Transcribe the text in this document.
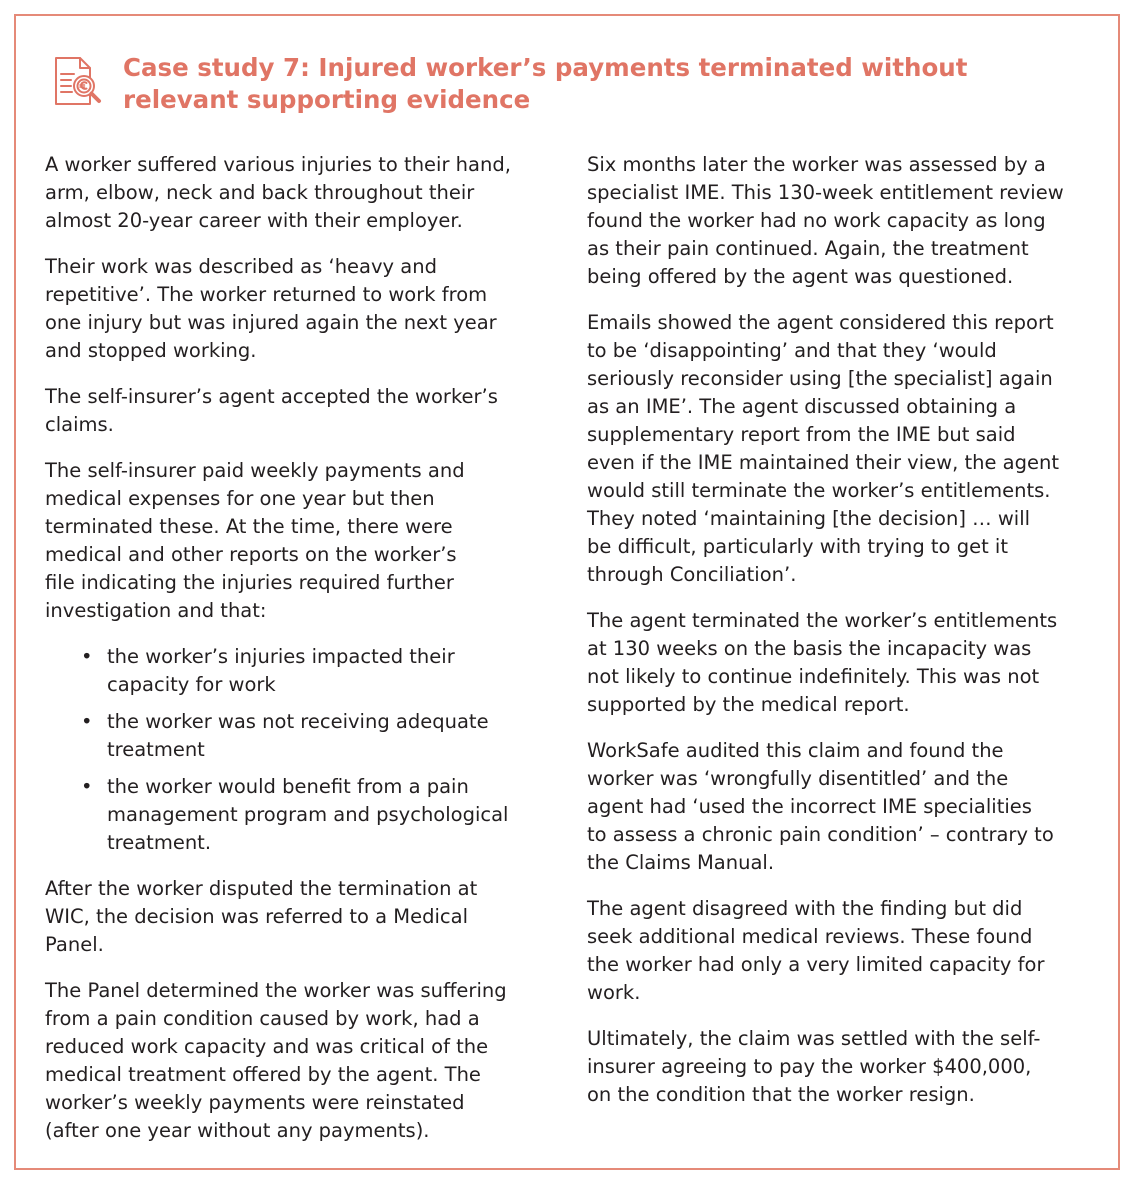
Case study 7: Injured worker’s payments terminated without
relevant supporting evidence

A worker suffered various injuries to their hand,
arm, elbow, neck and back throughout their
almost 20-year career with their employer.

Their work was described as ‘heavy and
repetitive’. The worker returned to work from
one injury but was injured again the next year
and stopped working.

The self-insurer’s agent accepted the worker’s
claims.

The self-insurer paid weekly payments and
medical expenses for one year but then
terminated these. At the time, there were
medical and other reports on the worker’s
file indicating the injuries required further
investigation and that:

• the worker’s injuries impacted their
capacity for work
• the worker was not receiving adequate
treatment
• the worker would benefit from a pain
management program and psychological
treatment.

After the worker disputed the termination at
WIC, the decision was referred to a Medical
Panel.

The Panel determined the worker was suffering
from a pain condition caused by work, had a
reduced work capacity and was critical of the
medical treatment offered by the agent. The
worker’s weekly payments were reinstated
(after one year without any payments).

Six months later the worker was assessed by a
specialist IME. This 130-week entitlement review
found the worker had no work capacity as long
as their pain continued. Again, the treatment
being offered by the agent was questioned.

Emails showed the agent considered this report
to be ‘disappointing’ and that they ‘would
seriously reconsider using [the specialist] again
as an IME’. The agent discussed obtaining a
supplementary report from the IME but said
even if the IME maintained their view, the agent
would still terminate the worker’s entitlements.
They noted ‘maintaining [the decision] … will
be difficult, particularly with trying to get it
through Conciliation’.

The agent terminated the worker’s entitlements
at 130 weeks on the basis the incapacity was
not likely to continue indefinitely. This was not
supported by the medical report.

WorkSafe audited this claim and found the
worker was ‘wrongfully disentitled’ and the
agent had ‘used the incorrect IME specialities
to assess a chronic pain condition’ – contrary to
the Claims Manual.

The agent disagreed with the finding but did
seek additional medical reviews. These found
the worker had only a very limited capacity for
work.

Ultimately, the claim was settled with the self-
insurer agreeing to pay the worker $400,000,
on the condition that the worker resign.
